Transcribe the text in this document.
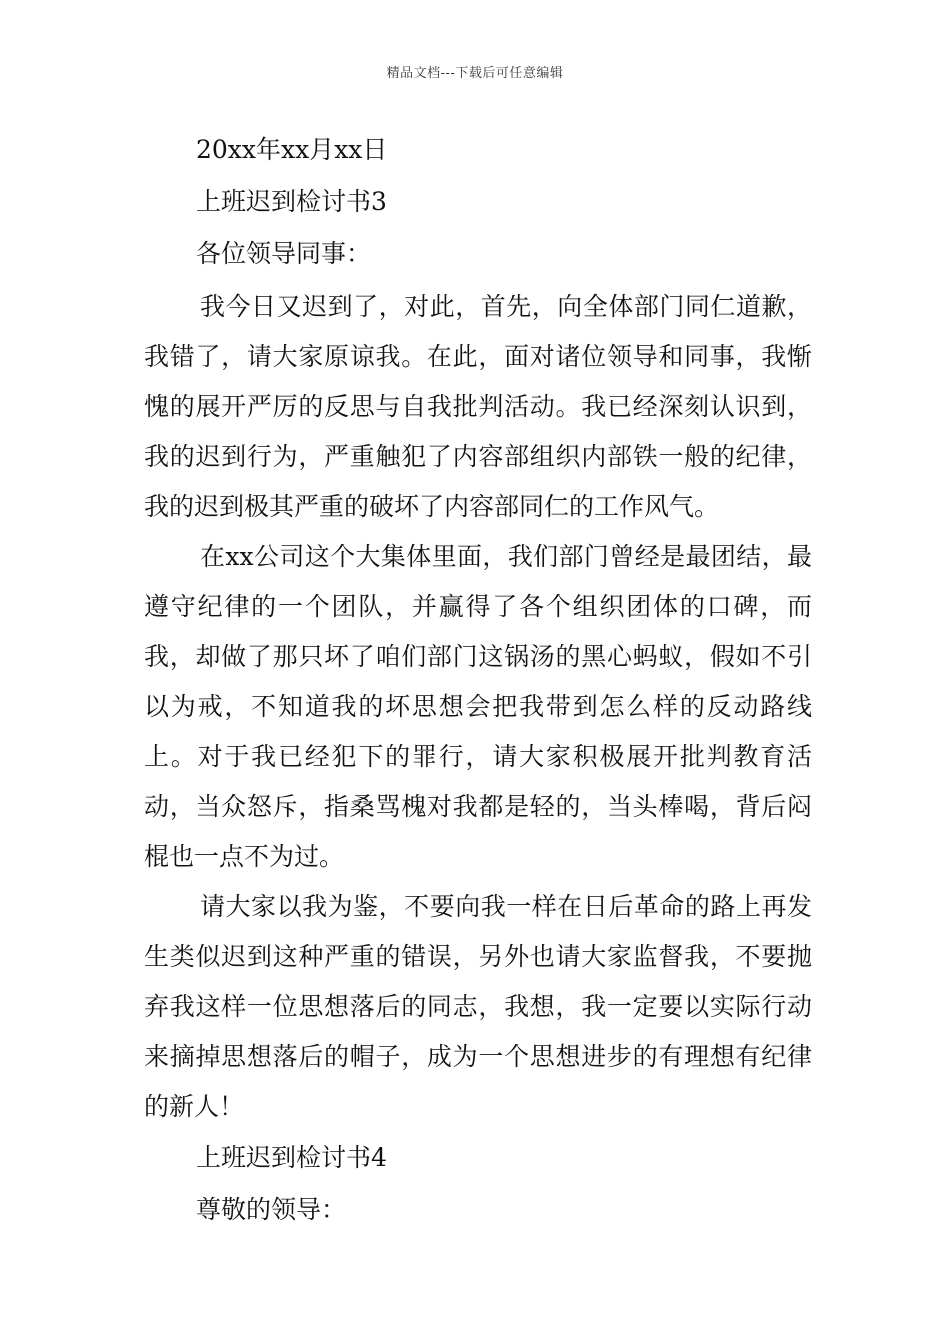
精品文档---下载后可任意编辑
20xx年xx月xx日
上班迟到检讨书3
各位领导同事：

我今日又迟到了，对此，首先，向全体部门同仁道歉，我错了，请大家原谅我。在此，面对诸位领导和同事，我惭愧的展开严厉的反思与自我批判活动。我已经深刻认识到，我的迟到行为，严重触犯了内容部组织内部铁一般的纪律，我的迟到极其严重的破坏了内容部同仁的工作风气。

在xx公司这个大集体里面，我们部门曾经是最团结，最遵守纪律的一个团队，并赢得了各个组织团体的口碑，而我，却做了那只坏了咱们部门这锅汤的黑心蚂蚁，假如不引以为戒，不知道我的坏思想会把我带到怎么样的反动路线上。对于我已经犯下的罪行，请大家积极展开批判教育活动，当众怒斥，指桑骂槐对我都是轻的，当头棒喝，背后闷棍也一点不为过。

请大家以我为鉴，不要向我一样在日后革命的路上再发生类似迟到这种严重的错误，另外也请大家监督我，不要抛弃我这样一位思想落后的同志，我想，我一定要以实际行动来摘掉思想落后的帽子，成为一个思想进步的有理想有纪律的新人！

上班迟到检讨书4
尊敬的领导：
